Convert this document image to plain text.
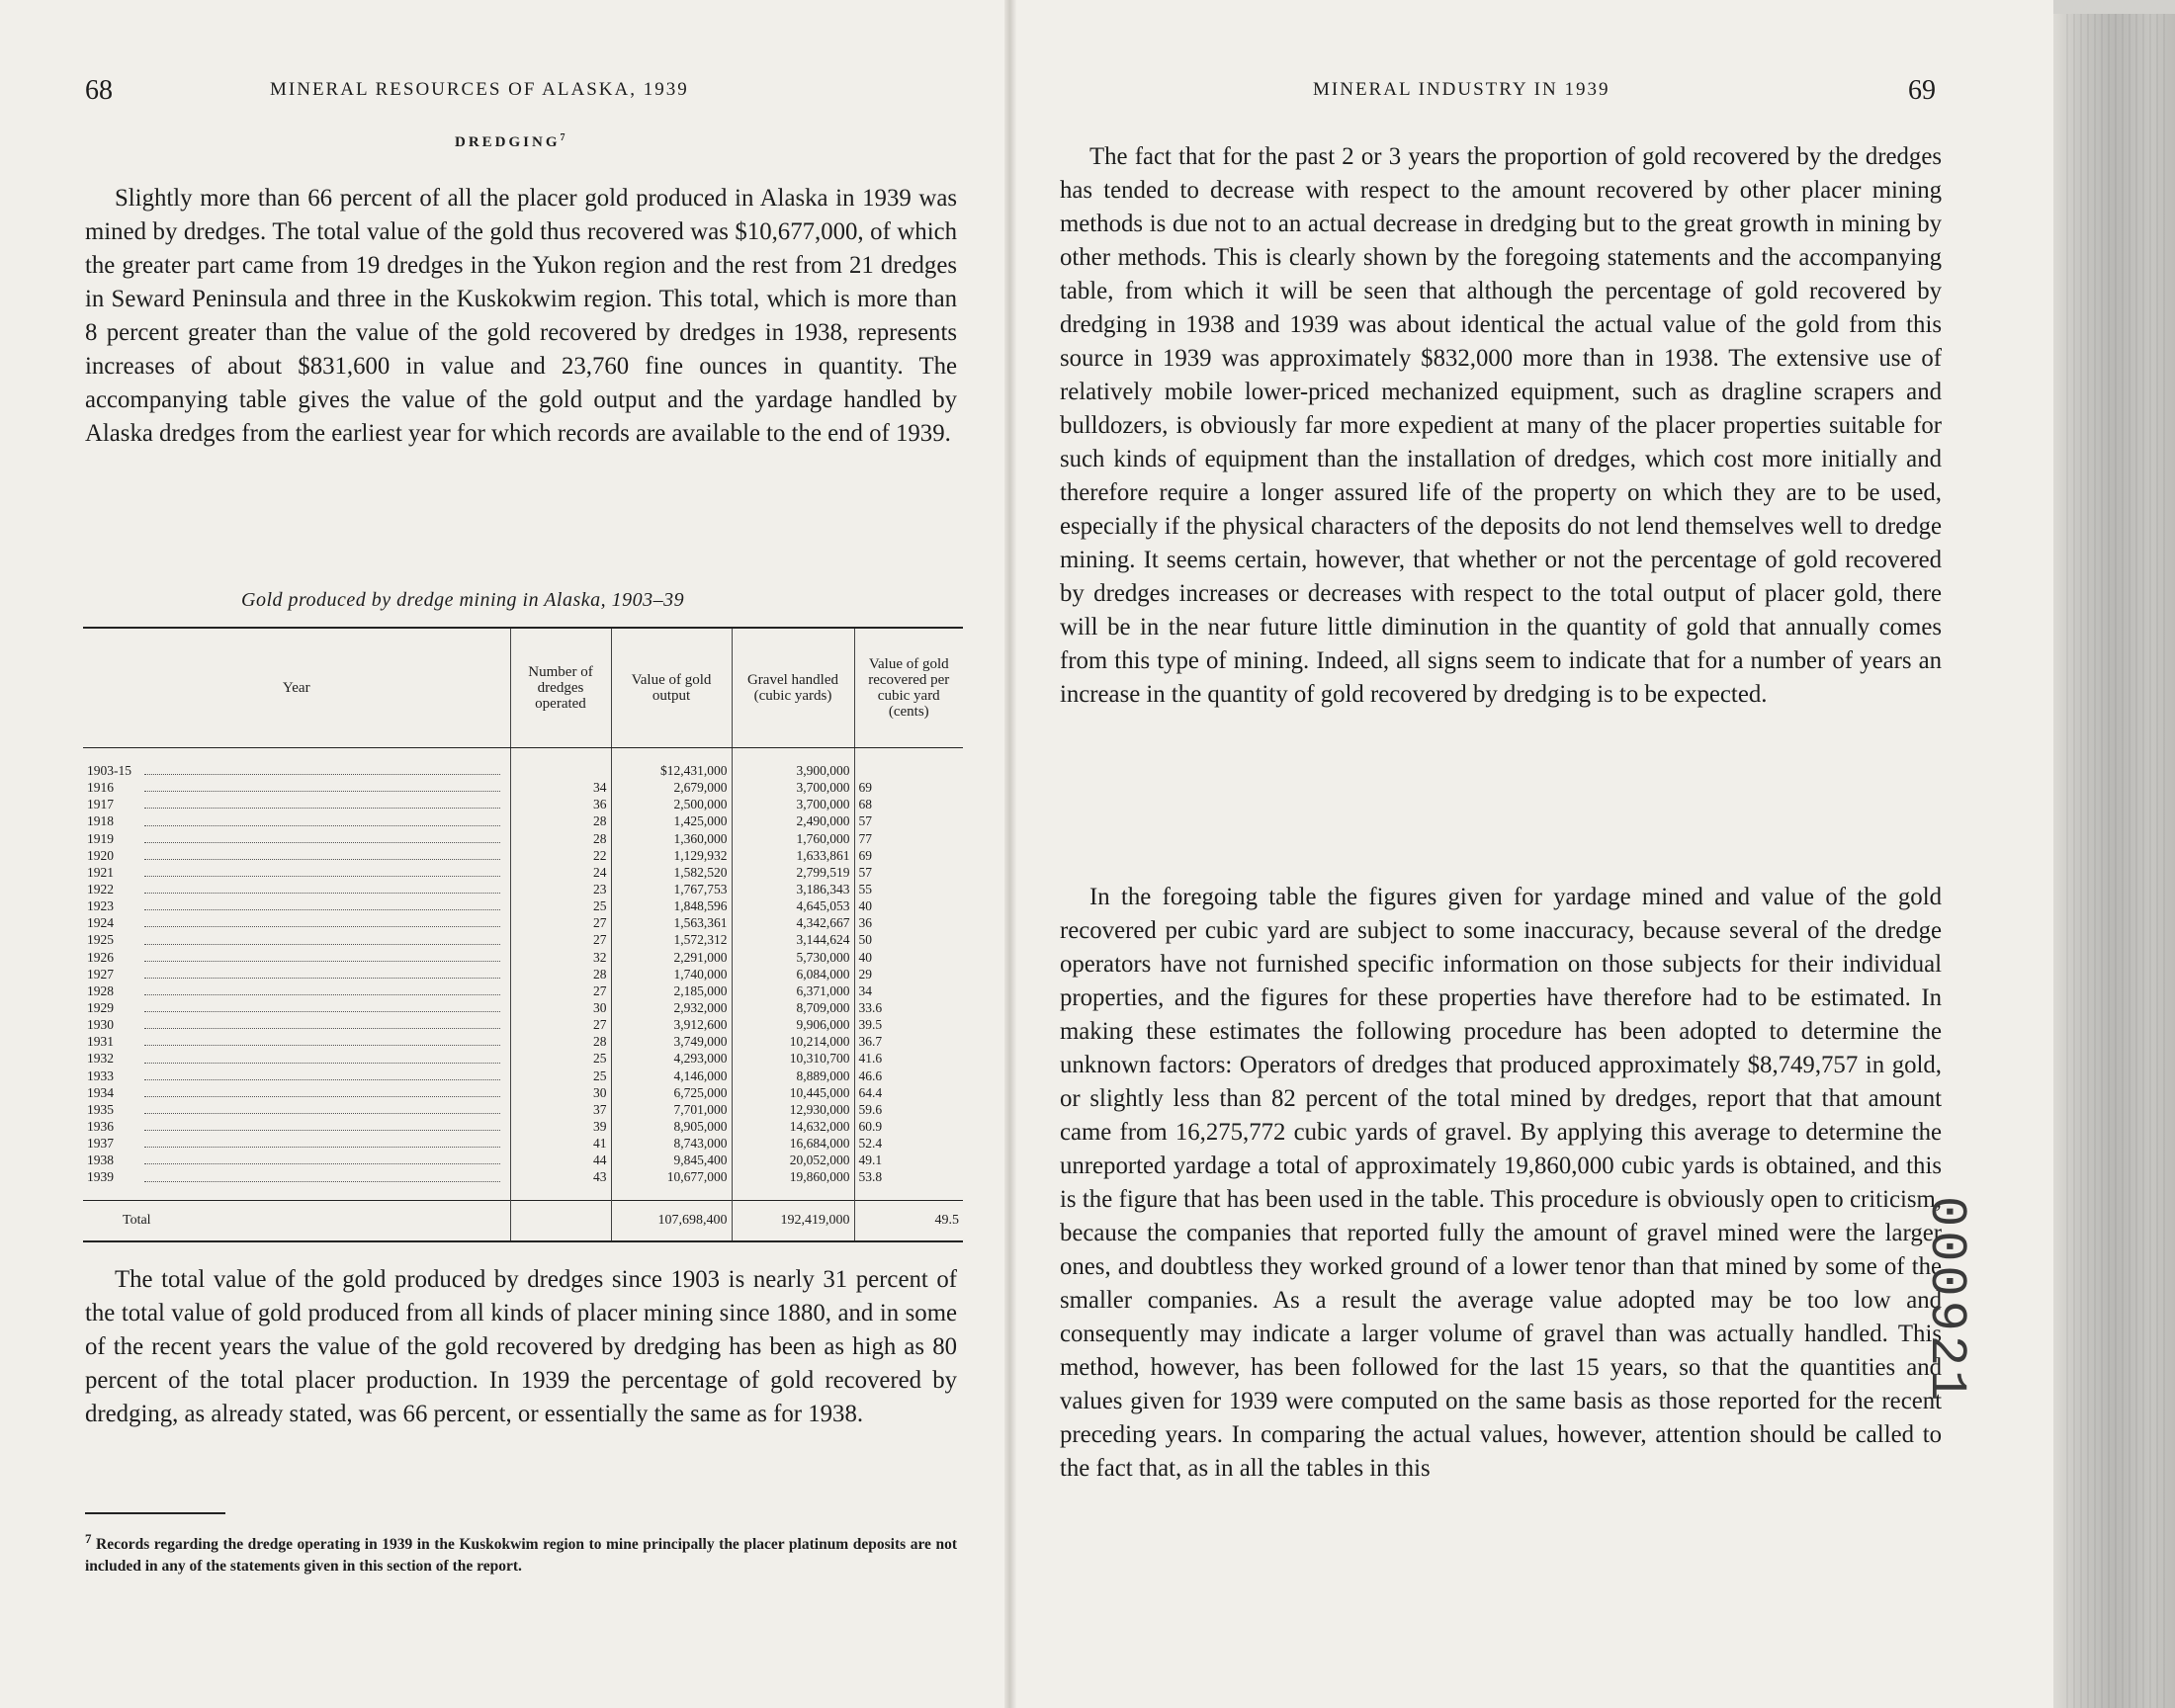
68	MINERAL RESOURCES OF ALASKA, 1939
DREDGING$^7$

Slightly more than 66 percent of all the placer gold produced in Alaska in 1939 was mined by dredges. The total value of the gold thus recovered was $10,677,000, of which the greater part came from 19 dredges in the Yukon region and the rest from 21 dredges in Seward Peninsula and three in the Kuskokwim region. This total, which is more than 8 percent greater than the value of the gold recovered by dredges in 1938, represents increases of about $831,600 in value and 23,760 fine ounces in quantity. The accompanying table gives the value of the gold output and the yardage handled by Alaska dredges from the earliest year for which records are available to the end of 1939.

Gold produced by dredge mining in Alaska, 1903–39
Year	Number of dredges operated	Value of gold output	Gravel handled (cubic yards)	Value of gold recovered per cubic yard (cents)

1903-15		$12,431,000	3,900,000	
1916	34	2,679,000	3,700,000	69
1917	36	2,500,000	3,700,000	68
1918	28	1,425,000	2,490,000	57
1919	28	1,360,000	1,760,000	77
1920	22	1,129,932	1,633,861	69
1921	24	1,582,520	2,799,519	57
1922	23	1,767,753	3,186,343	55
1923	25	1,848,596	4,645,053	40
1924	27	1,563,361	4,342,667	36
1925	27	1,572,312	3,144,624	50
1926	32	2,291,000	5,730,000	40
1927	28	1,740,000	6,084,000	29
1928	27	2,185,000	6,371,000	34
1929	30	2,932,000	8,709,000	33.6
1930	27	3,912,600	9,906,000	39.5
1931	28	3,749,000	10,214,000	36.7
1932	25	4,293,000	10,310,700	41.6
1933	25	4,146,000	8,889,000	46.6
1934	30	6,725,000	10,445,000	64.4
1935	37	7,701,000	12,930,000	59.6
1936	39	8,905,000	14,632,000	60.9
1937	41	8,743,000	16,684,000	52.4
1938	44	9,845,400	20,052,000	49.1
1939	43	10,677,000	19,860,000	53.8

Total		107,698,400	192,419,000	49.5

The total value of the gold produced by dredges since 1903 is nearly 31 percent of the total value of gold produced from all kinds of placer mining since 1880, and in some of the recent years the value of the gold recovered by dredging has been as high as 80 percent of the total placer production. In 1939 the percentage of gold recovered by dredging, as already stated, was 66 percent, or essentially the same as for 1938.

$^7$ Records regarding the dredge operating in 1939 in the Kuskokwim region to mine principally the placer platinum deposits are not included in any of the statements given in this section of the report.
MINERAL INDUSTRY IN 1939	69

The fact that for the past 2 or 3 years the proportion of gold recovered by the dredges has tended to decrease with respect to the amount recovered by other placer mining methods is due not to an actual decrease in dredging but to the great growth in mining by other methods. This is clearly shown by the foregoing statements and the accompanying table, from which it will be seen that although the percentage of gold recovered by dredging in 1938 and 1939 was about identical the actual value of the gold from this source in 1939 was approximately $832,000 more than in 1938. The extensive use of relatively mobile lower-priced mechanized equipment, such as dragline scrapers and bulldozers, is obviously far more expedient at many of the placer properties suitable for such kinds of equipment than the installation of dredges, which cost more initially and therefore require a longer assured life of the property on which they are to be used, especially if the physical characters of the deposits do not lend themselves well to dredge mining. It seems certain, however, that whether or not the percentage of gold recovered by dredges increases or decreases with respect to the total output of placer gold, there will be in the near future little diminution in the quantity of gold that annually comes from this type of mining. Indeed, all signs seem to indicate that for a number of years an increase in the quantity of gold recovered by dredging is to be expected.

In the foregoing table the figures given for yardage mined and value of the gold recovered per cubic yard are subject to some inaccuracy, because several of the dredge operators have not furnished specific information on those subjects for their individual properties, and the figures for these properties have therefore had to be estimated. In making these estimates the following procedure has been adopted to determine the unknown factors: Operators of dredges that produced approximately $8,749,757 in gold, or slightly less than 82 percent of the total mined by dredges, report that that amount came from 16,275,772 cubic yards of gravel. By applying this average to determine the unreported yardage a total of approximately 19,860,000 cubic yards is obtained, and this is the figure that has been used in the table. This procedure is obviously open to criticism, because the companies that reported fully the amount of gravel mined were the larger ones, and doubtless they worked ground of a lower tenor than that mined by some of the smaller companies. As a result the average value adopted may be too low and consequently may indicate a larger volume of gravel than was actually handled. This method, however, has been followed for the last 15 years, so that the quantities and values given for 1939 were computed on the same basis as those reported for the recent preceding years. In comparing the actual values, however, attention should be called to the fact that, as in all the tables in this

000921
